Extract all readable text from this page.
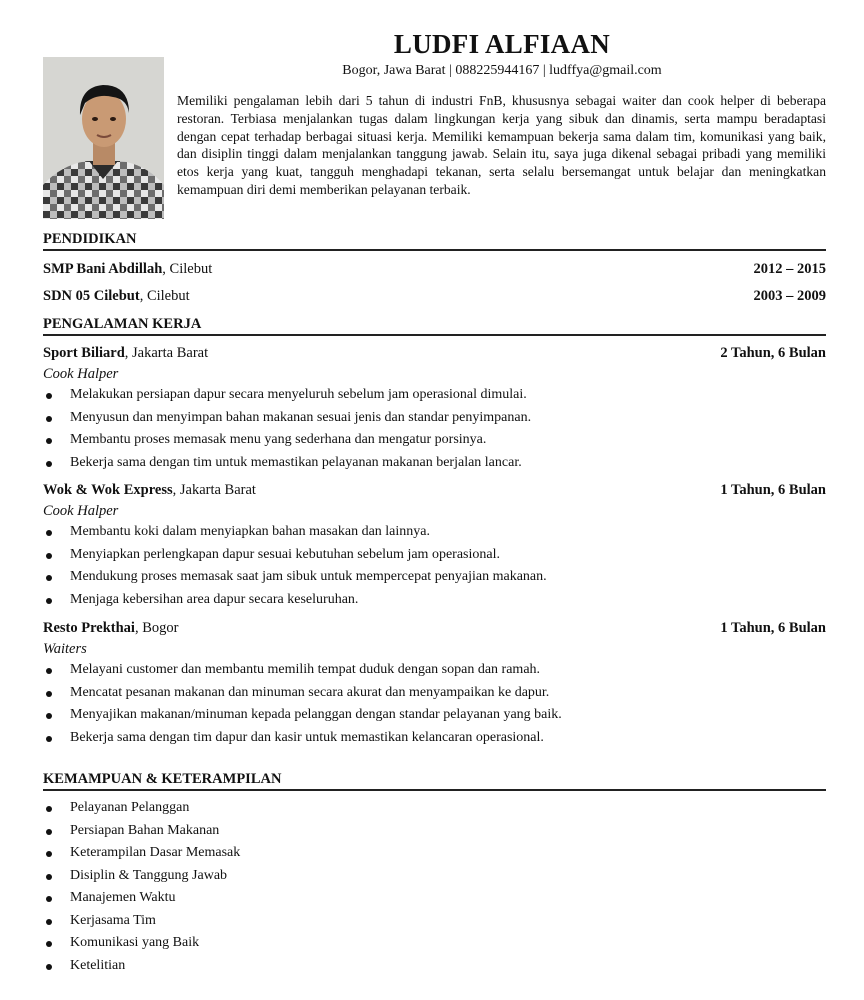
LUDFI ALFIAAN
Bogor, Jawa Barat | 088225944167 | ludffya@gmail.com

Memiliki pengalaman lebih dari 5 tahun di industri FnB, khususnya sebagai waiter dan cook helper di beberapa restoran. Terbiasa menjalankan tugas dalam lingkungan kerja yang sibuk dan dinamis, serta mampu beradaptasi dengan cepat terhadap berbagai situasi kerja. Memiliki kemampuan bekerja sama dalam tim, komunikasi yang baik, dan disiplin tinggi dalam menjalankan tanggung jawab. Selain itu, saya juga dikenal sebagai pribadi yang memiliki etos kerja yang kuat, tangguh menghadapi tekanan, serta selalu bersemangat untuk belajar dan meningkatkan kemampuan diri demi memberikan pelayanan terbaik.

PENDIDIKAN
SMP Bani Abdillah, Cilebut	2012 – 2015
SDN 05 Cilebut, Cilebut	2003 – 2009
PENGALAMAN KERJA
Sport Biliard, Jakarta Barat	2 Tahun, 6 Bulan
Cook Halper
Melakukan persiapan dapur secara menyeluruh sebelum jam operasional dimulai.
Menyusun dan menyimpan bahan makanan sesuai jenis dan standar penyimpanan.
Membantu proses memasak menu yang sederhana dan mengatur porsinya.
Bekerja sama dengan tim untuk memastikan pelayanan makanan berjalan lancar.
Wok & Wok Express, Jakarta Barat	1 Tahun, 6 Bulan
Cook Halper
Membantu koki dalam menyiapkan bahan masakan dan lainnya.
Menyiapkan perlengkapan dapur sesuai kebutuhan sebelum jam operasional.
Mendukung proses memasak saat jam sibuk untuk mempercepat penyajian makanan.
Menjaga kebersihan area dapur secara keseluruhan.
Resto Prekthai, Bogor	1 Tahun, 6 Bulan
Waiters
Melayani customer dan membantu memilih tempat duduk dengan sopan dan ramah.
Mencatat pesanan makanan dan minuman secara akurat dan menyampaikan ke dapur.
Menyajikan makanan/minuman kepada pelanggan dengan standar pelayanan yang baik.
Bekerja sama dengan tim dapur dan kasir untuk memastikan kelancaran operasional.
KEMAMPUAN & KETERAMPILAN
Pelayanan Pelanggan
Persiapan Bahan Makanan
Keterampilan Dasar Memasak
Disiplin & Tanggung Jawab
Manajemen Waktu
Kerjasama Tim
Komunikasi yang Baik
Ketelitian
